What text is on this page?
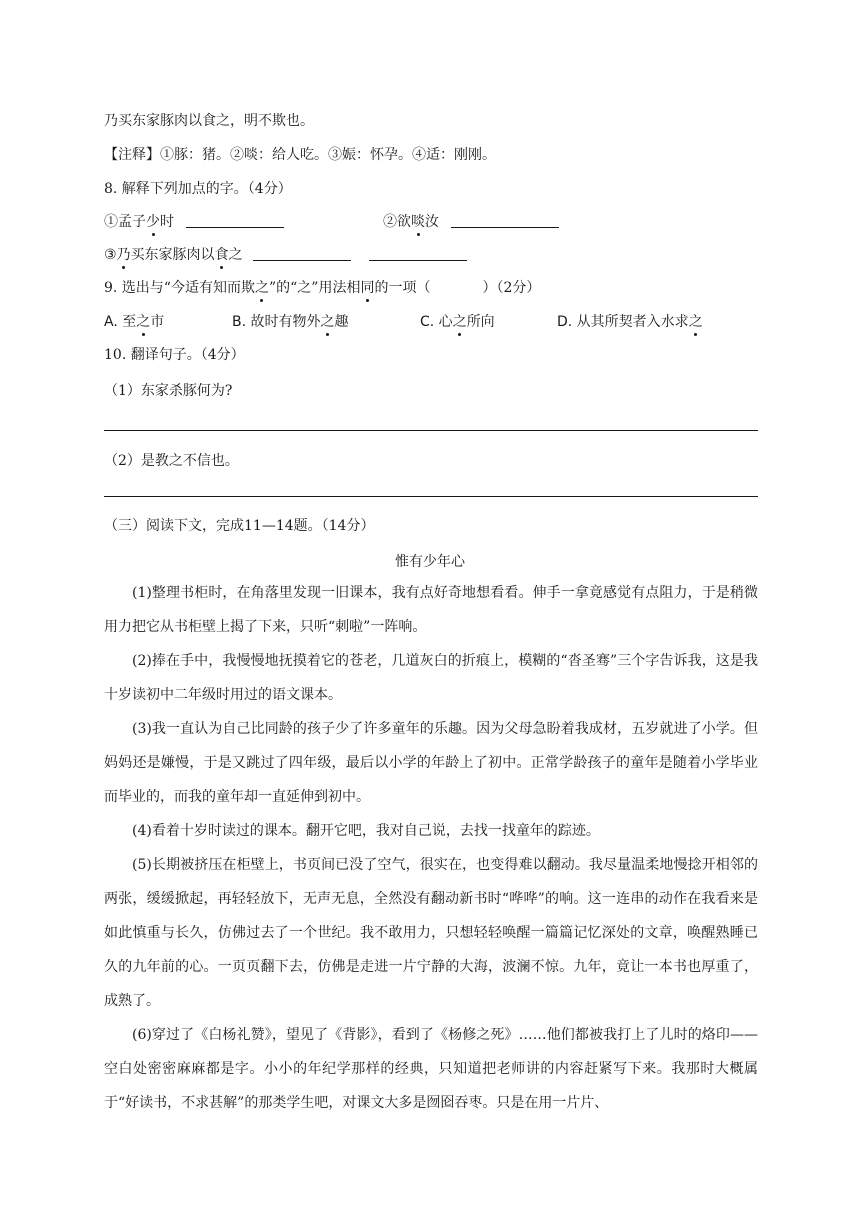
乃买东家豚肉以食之，明不欺也。
【注释】①豚：猪。②啖：给人吃。③娠：怀孕。④适：刚刚。
8. 解释下列加点的字。（4分）
①孟子少时	②欲啖汝
③乃买东家豚肉以食之
9. 选出与“今适有知而欺之”的“之”用法相同的一项（	）（2分）
A. 至之市	B. 故时有物外之趣	C. 心之所向	D. 从其所契者入水求之
10. 翻译句子。（4分）
（1）东家杀豚何为?
（2）是教之不信也。
（三）阅读下文，完成11—14题。（14分）
惟有少年心
(1)整理书柜时，在角落里发现一旧课本，我有点好奇地想看看。伸手一拿竟感觉有点阻力，于是稍微用力把它从书柜壁上揭了下来，只听“刺啦”一阵响。
(2)捧在手中，我慢慢地抚摸着它的苍老，几道灰白的折痕上，模糊的“沓圣骞”三个字告诉我，这是我十岁读初中二年级时用过的语文课本。
(3)我一直认为自己比同龄的孩子少了许多童年的乐趣。因为父母急盼着我成材，五岁就进了小学。但妈妈还是嫌慢，于是又跳过了四年级，最后以小学的年龄上了初中。正常学龄孩子的童年是随着小学毕业而毕业的，而我的童年却一直延伸到初中。
(4)看着十岁时读过的课本。翻开它吧，我对自己说，去找一找童年的踪迹。
(5)长期被挤压在柜壁上，书页间已没了空气，很实在，也变得难以翻动。我尽量温柔地慢捻开相邻的两张，缓缓掀起，再轻轻放下，无声无息，全然没有翻动新书时“哗哗”的响。这一连串的动作在我看来是如此慎重与长久，仿佛过去了一个世纪。我不敢用力，只想轻轻唤醒一篇篇记忆深处的文章，唤醒熟睡已久的九年前的心。一页页翻下去，仿佛是走进一片宁静的大海，波澜不惊。九年，竟让一本书也厚重了，成熟了。
(6)穿过了《白杨礼赞》，望见了《背影》，看到了《杨修之死》……他们都被我打上了儿时的烙印——空白处密密麻麻都是字。小小的年纪学那样的经典，只知道把老师讲的内容赶紧写下来。我那时大概属于“好读书，不求甚解”的那类学生吧，对课文大多是囫囵吞枣。只是在用一片片、
